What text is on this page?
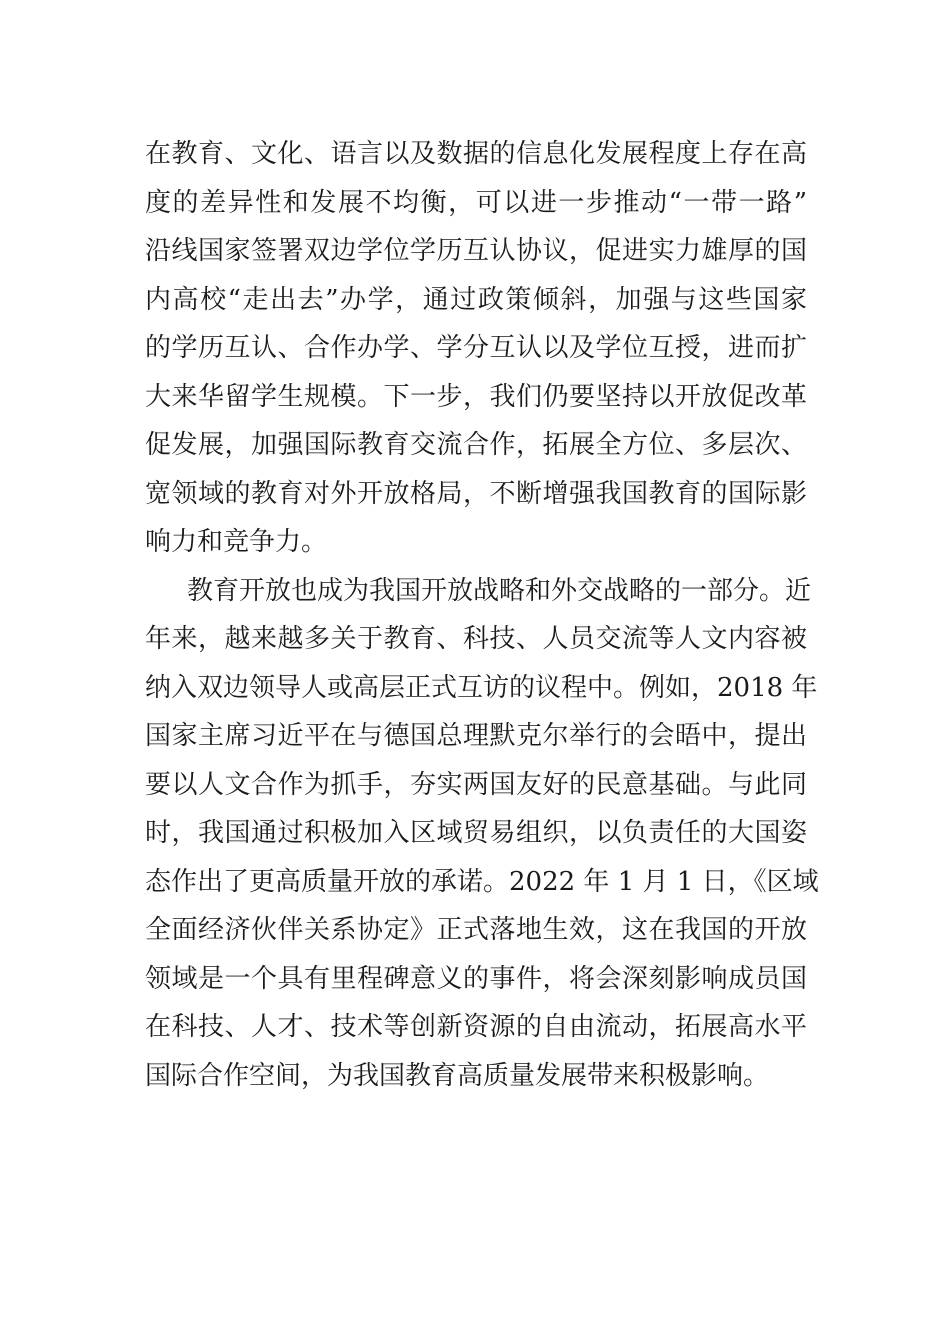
在教育、文化、语言以及数据的信息化发展程度上存在高
度的差异性和发展不均衡，可以进一步推动“一带一路”
沿线国家签署双边学位学历互认协议，促进实力雄厚的国
内高校“走出去”办学，通过政策倾斜，加强与这些国家
的学历互认、合作办学、学分互认以及学位互授，进而扩
大来华留学生规模。下一步，我们仍要坚持以开放促改革
促发展，加强国际教育交流合作，拓展全方位、多层次、
宽领域的教育对外开放格局，不断增强我国教育的国际影
响力和竞争力。
教育开放也成为我国开放战略和外交战略的一部分。近
年来，越来越多关于教育、科技、人员交流等人文内容被
纳入双边领导人或高层正式互访的议程中。例如，2018 年
国家主席习近平在与德国总理默克尔举行的会晤中，提出
要以人文合作为抓手，夯实两国友好的民意基础。与此同
时，我国通过积极加入区域贸易组织，以负责任的大国姿
态作出了更高质量开放的承诺。2022 年 1 月 1 日，《区域
全面经济伙伴关系协定》正式落地生效，这在我国的开放
领域是一个具有里程碑意义的事件，将会深刻影响成员国
在科技、人才、技术等创新资源的自由流动，拓展高水平
国际合作空间，为我国教育高质量发展带来积极影响。
